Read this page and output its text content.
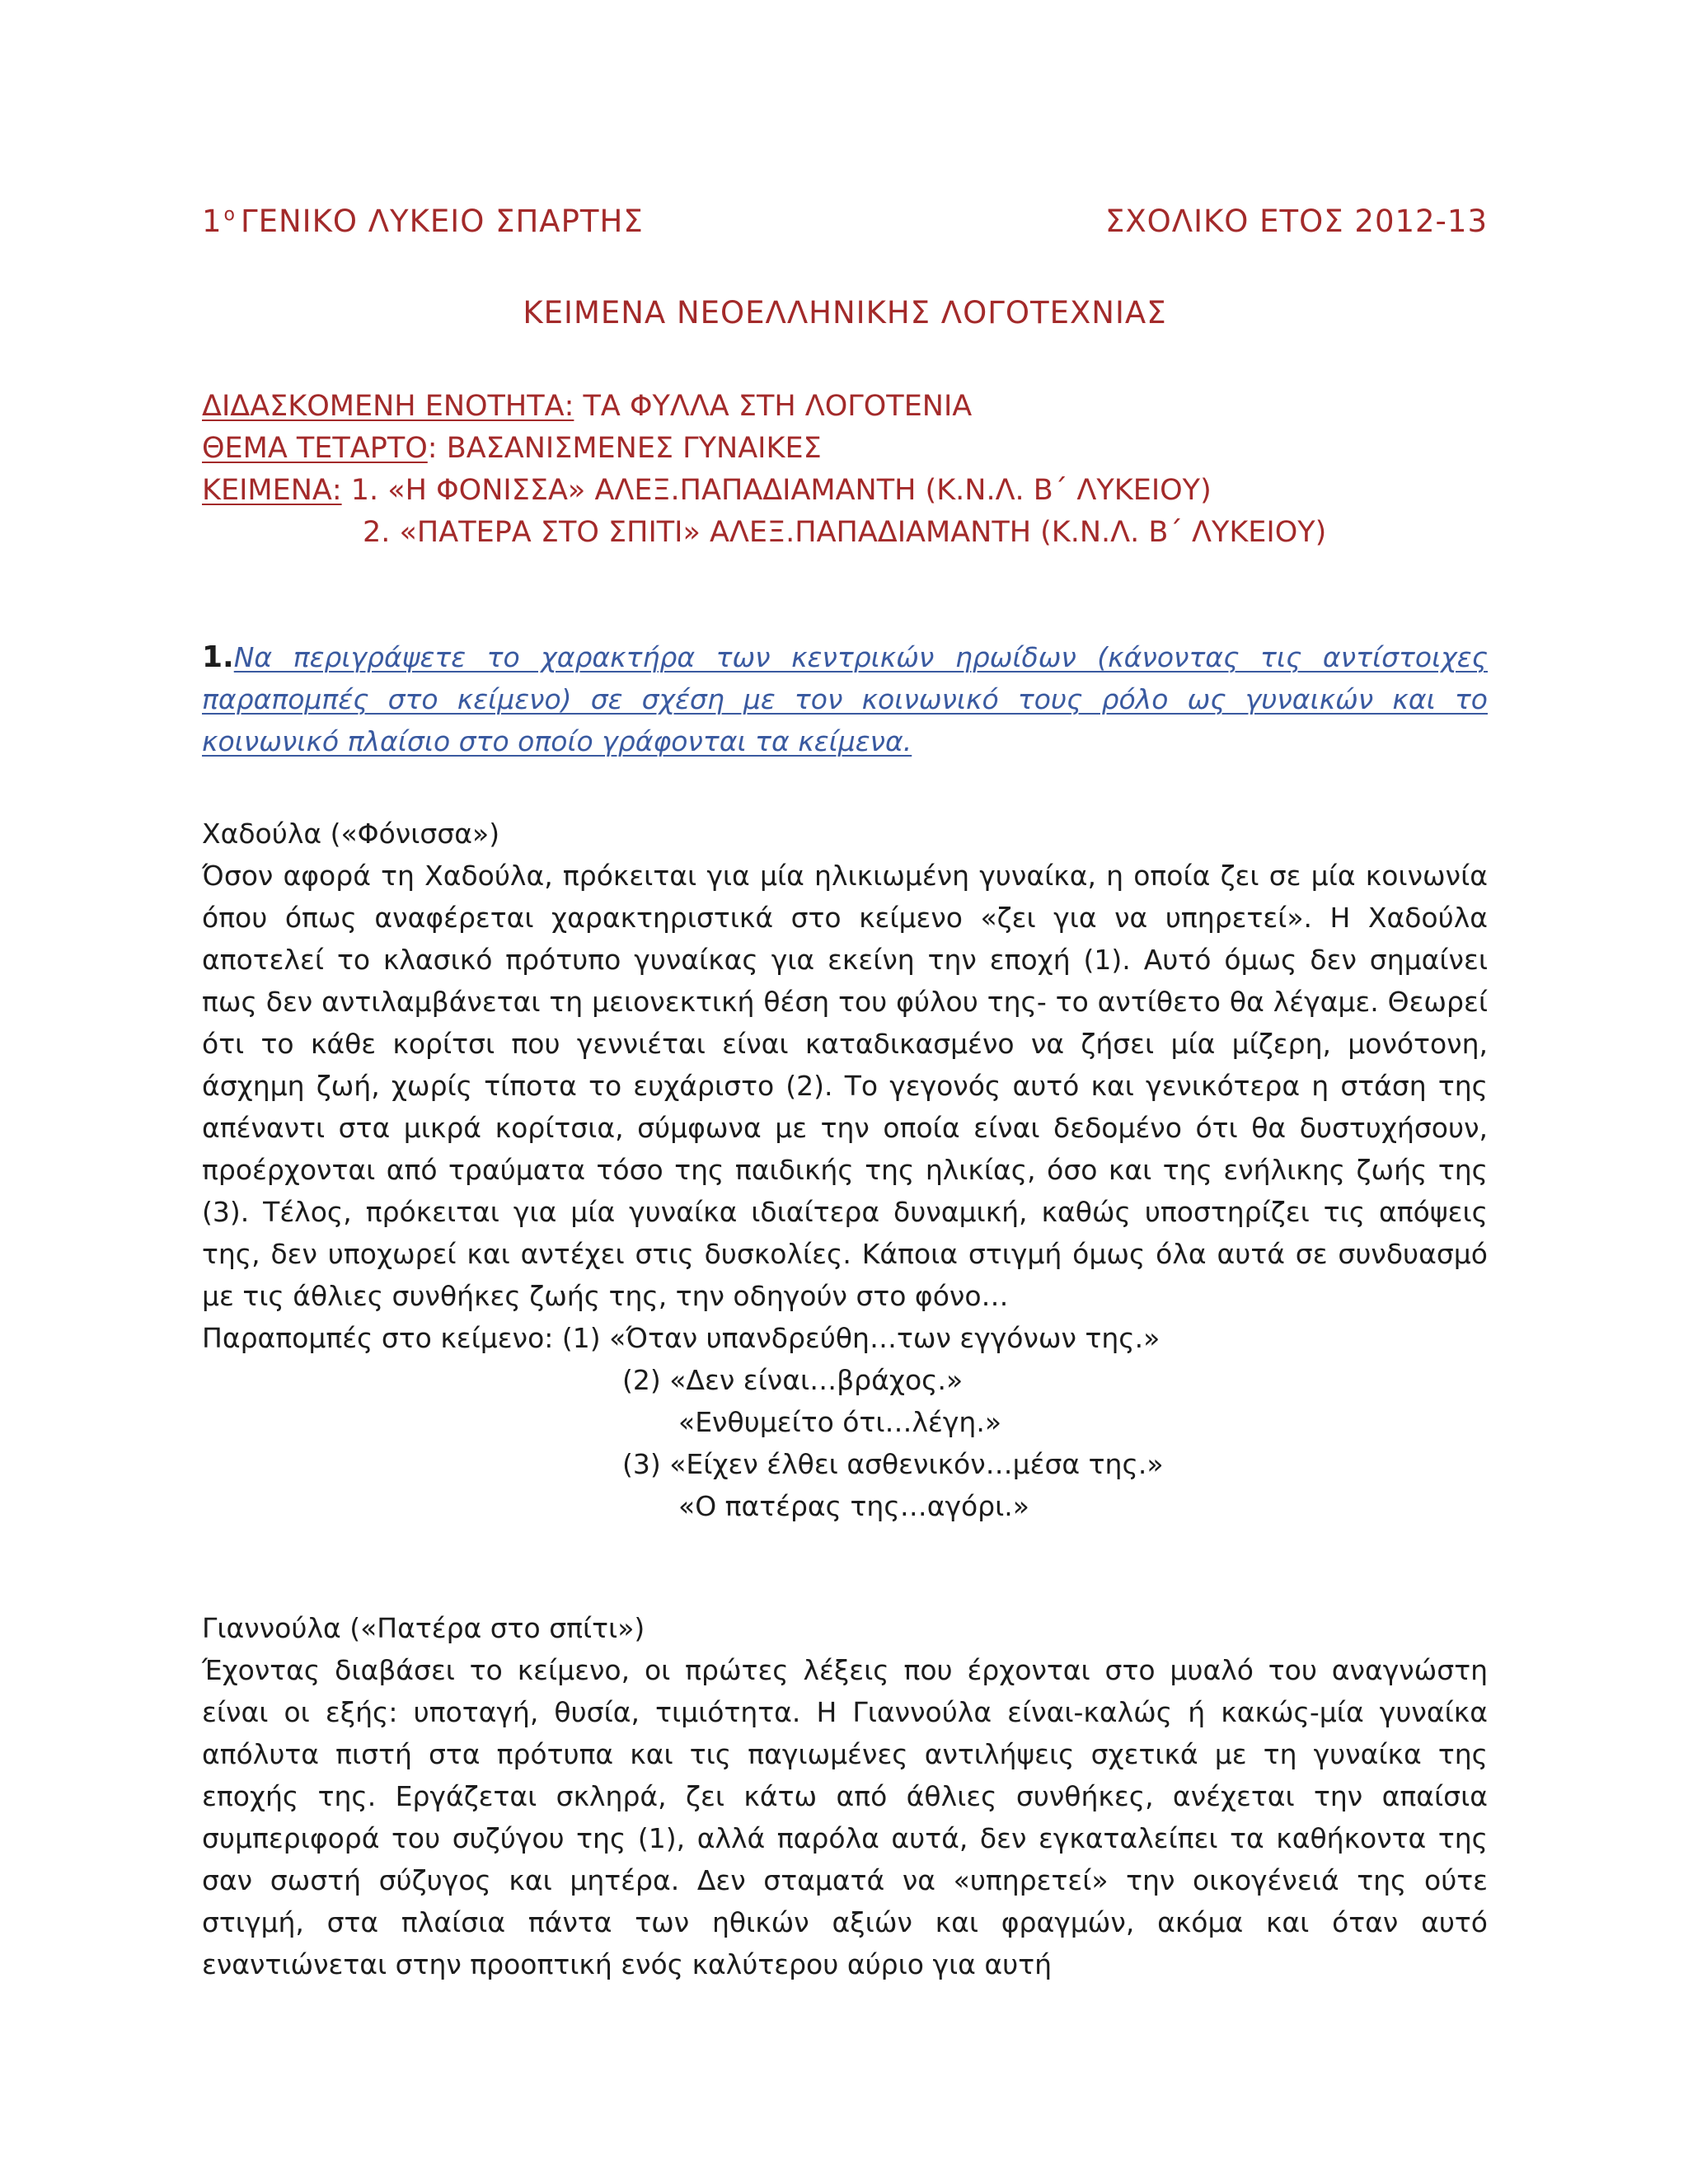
$1^o$ ΓΕΝΙΚΟ ΛΥΚΕΙΟ ΣΠΑΡΤΗΣ	ΣΧΟΛΙΚΟ ΕΤΟΣ 2012-13
ΚΕΙΜΕΝΑ ΝΕΟΕΛΛΗΝΙΚΗΣ ΛΟΓΟΤΕΧΝΙΑΣ
ΔΙΔΑΣΚΟΜΕΝΗ ΕΝΟΤΗΤΑ: ΤΑ ΦΥΛΛΑ ΣΤΗ ΛΟΓΟΤΕΝΙΑ
ΘΕΜΑ ΤΕΤΑΡΤΟ: ΒΑΣΑΝΙΣΜΕΝΕΣ ΓΥΝΑΙΚΕΣ
ΚΕΙΜΕΝΑ: 1. «Η ΦΟΝΙΣΣΑ» ΑΛΕΞ.ΠΑΠΑΔΙΑΜΑΝΤΗ (Κ.Ν.Λ. Β΄ ΛΥΚΕΙΟΥ)
2. «ΠΑΤΕΡΑ ΣΤΟ ΣΠΙΤΙ» ΑΛΕΞ.ΠΑΠΑΔΙΑΜΑΝΤΗ (Κ.Ν.Λ. Β΄ ΛΥΚΕΙΟΥ)
1.Να περιγράψετε το χαρακτήρα των κεντρικών ηρωίδων (κάνοντας τις αντίστοιχες παραπομπές στο κείμενο) σε σχέση με τον κοινωνικό τους ρόλο ως γυναικών και το κοινωνικό πλαίσιο στο οποίο γράφονται τα κείμενα.

Χαδούλα («Φόνισσα»)

Όσον αφορά τη Χαδούλα, πρόκειται για μία ηλικιωμένη γυναίκα, η οποία ζει σε μία κοινωνία όπου όπως αναφέρεται χαρακτηριστικά στο κείμενο «ζει για να υπηρετεί». Η Χαδούλα αποτελεί το κλασικό πρότυπο γυναίκας για εκείνη την εποχή (1). Αυτό όμως δεν σημαίνει πως δεν αντιλαμβάνεται τη μειονεκτική θέση του φύλου της- το αντίθετο θα λέγαμε. Θεωρεί ότι το κάθε κορίτσι που γεννιέται είναι καταδικασμένο να ζήσει μία μίζερη, μονότονη, άσχημη ζωή, χωρίς τίποτα το ευχάριστο (2). Το γεγονός αυτό και γενικότερα η στάση της απέναντι στα μικρά κορίτσια, σύμφωνα με την οποία είναι δεδομένο ότι θα δυστυχήσουν, προέρχονται από τραύματα τόσο της παιδικής της ηλικίας, όσο και της ενήλικης ζωής της (3). Τέλος, πρόκειται για μία γυναίκα ιδιαίτερα δυναμική, καθώς υποστηρίζει τις απόψεις της, δεν υποχωρεί και αντέχει στις δυσκολίες. Κάποια στιγμή όμως όλα αυτά σε συνδυασμό με τις άθλιες συνθήκες ζωής της, την οδηγούν στο φόνο…

Παραπομπές στο κείμενο: (1) «Όταν υπανδρεύθη…των εγγόνων της.»
(2) «Δεν είναι…βράχος.»
«Ενθυμείτο ότι…λέγη.»
(3) «Είχεν έλθει ασθενικόν…μέσα της.»
«Ο πατέρας της…αγόρι.»

Γιαννούλα («Πατέρα στο σπίτι»)

Έχοντας διαβάσει το κείμενο, οι πρώτες λέξεις που έρχονται στο μυαλό του αναγνώστη είναι οι εξής: υποταγή, θυσία, τιμιότητα. Η Γιαννούλα είναι-καλώς ή κακώς-μία γυναίκα απόλυτα πιστή στα πρότυπα και τις παγιωμένες αντιλήψεις σχετικά με τη γυναίκα της εποχής της. Εργάζεται σκληρά, ζει κάτω από άθλιες συνθήκες, ανέχεται την απαίσια συμπεριφορά του συζύγου της (1), αλλά παρόλα αυτά, δεν εγκαταλείπει τα καθήκοντα της σαν σωστή σύζυγος και μητέρα. Δεν σταματά να «υπηρετεί» την οικογένειά της ούτε στιγμή, στα πλαίσια πάντα των ηθικών αξιών και φραγμών, ακόμα και όταν αυτό εναντιώνεται στην προοπτική ενός καλύτερου αύριο για αυτή
